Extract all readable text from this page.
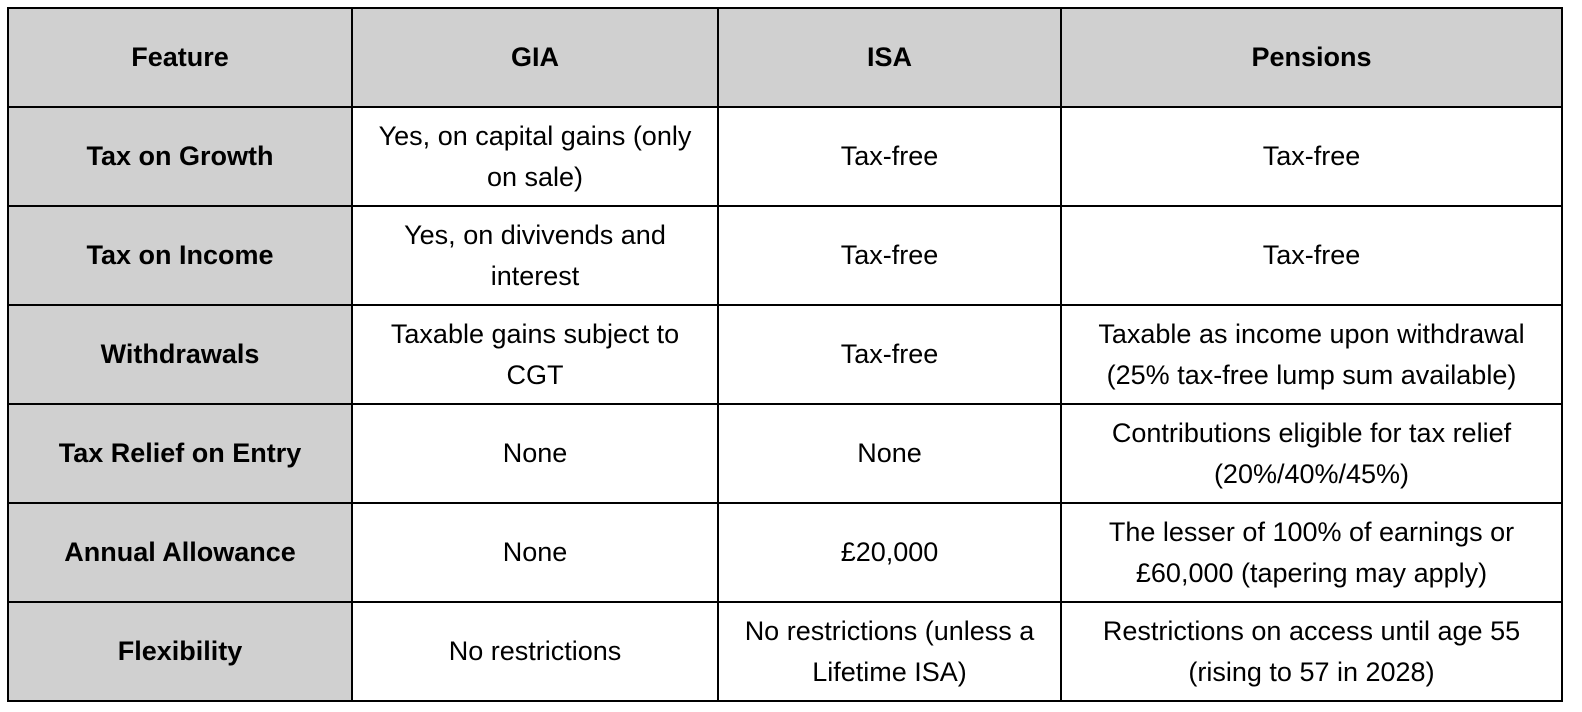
Feature	GIA	ISA	Pensions
Tax on Growth	Yes, on capital gains (only on sale)	Tax-free	Tax-free
Tax on Income	Yes, on divivends and interest	Tax-free	Tax-free
Withdrawals	Taxable gains subject to CGT	Tax-free	Taxable as income upon withdrawal (25% tax-free lump sum available)
Tax Relief on Entry	None	None	Contributions eligible for tax relief (20%/40%/45%)
Annual Allowance	None	£20,000	The lesser of 100% of earnings or £60,000 (tapering may apply)
Flexibility	No restrictions	No restrictions (unless a Lifetime ISA)	Restrictions on access until age 55 (rising to 57 in 2028)
